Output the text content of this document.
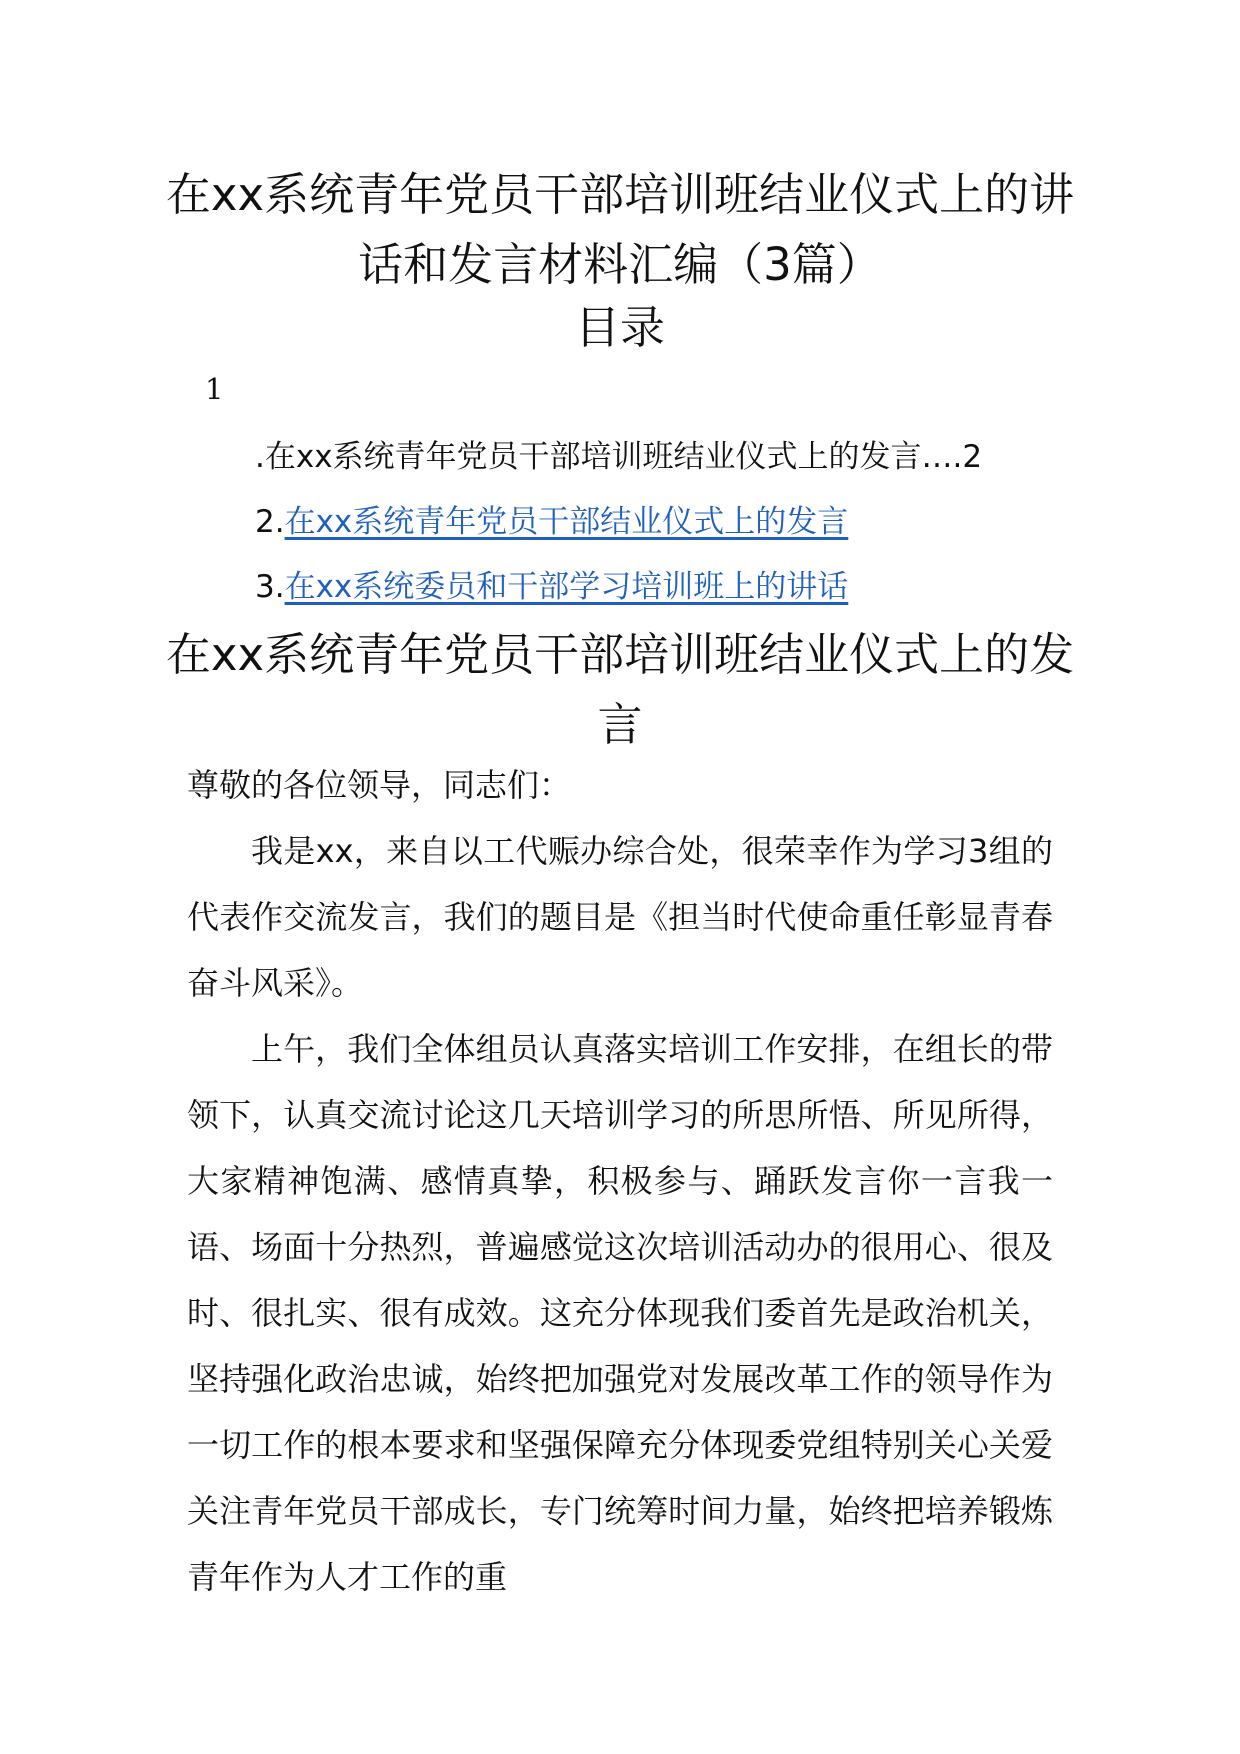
在xx系统青年党员干部培训班结业仪式上的讲话和发言材料汇编（3篇）
目录
1
.在xx系统青年党员干部培训班结业仪式上的发言….2
2.在xx系统青年党员干部结业仪式上的发言
3.在xx系统委员和干部学习培训班上的讲话
在xx系统青年党员干部培训班结业仪式上的发言

尊敬的各位领导，同志们：

我是xx，来自以工代赈办综合处，很荣幸作为学习3组的代表作交流发言，我们的题目是《担当时代使命重任彰显青春奋斗风采》。

上午，我们全体组员认真落实培训工作安排，在组长的带领下，认真交流讨论这几天培训学习的所思所悟、所见所得，大家精神饱满、感情真挚，积极参与、踊跃发言你一言我一语、场面十分热烈，普遍感觉这次培训活动办的很用心、很及时、很扎实、很有成效。这充分体现我们委首先是政治机关，坚持强化政治忠诚，始终把加强党对发展改革工作的领导作为一切工作的根本要求和坚强保障充分体现委党组特别关心关爱关注青年党员干部成长，专门统筹时间力量，始终把培养锻炼青年作为人才工作的重
